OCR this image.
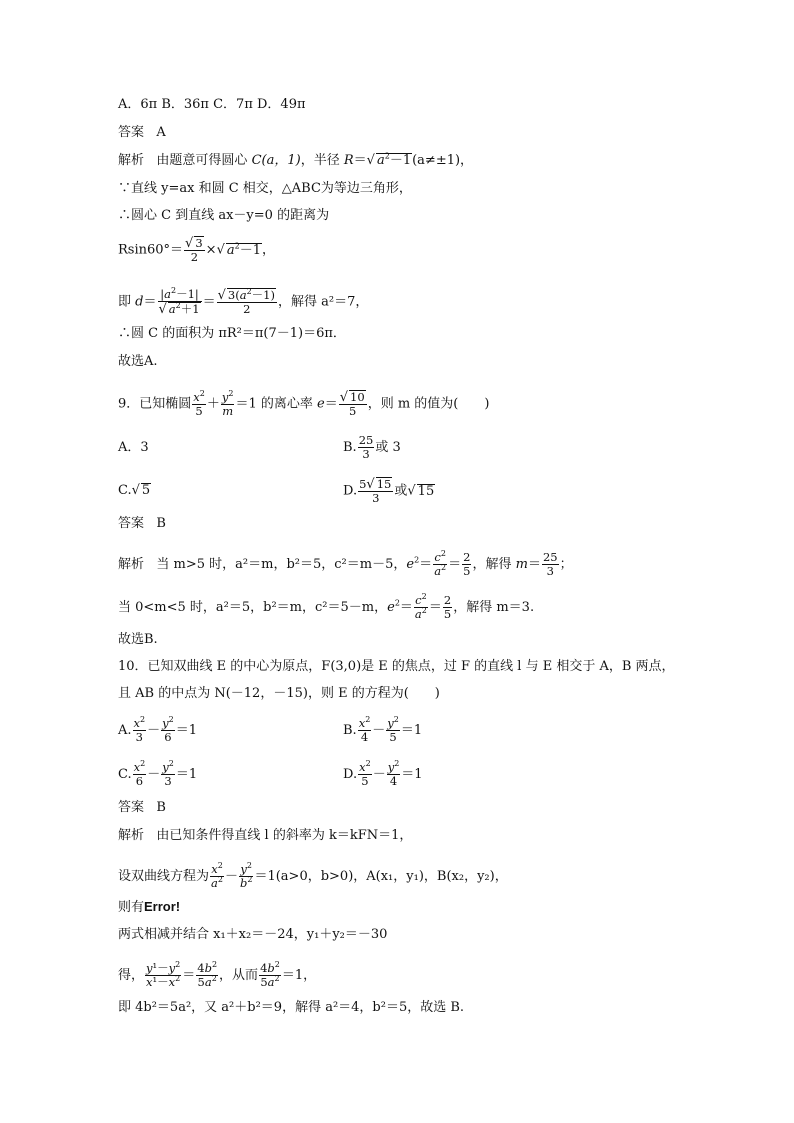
A．6π B．36π C．7π D．49π
答案 A
解析 由题意可得圆心 C(a，1)，半径 R＝√ $a^2-1(a\ne\pm 1)$，
∵直线 y=ax 和圆 C 相交，△ABC为等边三角形，
∴圆心 C 到直线 ax－y=0 的距离为
$Rsin60^\circ= \frac{√ 3}{2}$ ×√ $a^2-1$，
即 $d= \frac{|a^2-1|}{√ a^2+1} = \frac{√ 3(a^2-1)}{2}$ ，解得 a²＝7，
∴圆 C 的面积为 πR²＝π(7－1)＝6π．
故选A.
9．已知椭圆 $\frac{x^2}{5} + \frac{y^2}{m} =1$ 的离心率 $e= \frac{√ 10}{5}$ ，则 m 的值为(　　)
A．3	B. $\frac{25}{3}$ 或 3
C.√ 5	D. $\frac{5√ 15}{3}$ 或√ 15
答案 B
解析 当 m>5 时，a²＝m，b²＝5，c²＝m－5，$e^2= \frac{c^2}{a^2} = \frac{2}{5}$ ，解得 $m= \frac{25}{3}$ ；
当 0<m<5 时，a²＝5，b²＝m，c²＝5－m，$e^2= \frac{c^2}{a^2} = \frac{2}{5}$ ，解得 m＝3.
故选B.
10．已知双曲线 E 的中心为原点，F(3,0)是 E 的焦点，过 F 的直线 l 与 E 相交于 A，B 两点，
且 AB 的中点为 N(－12，－15)，则 E 的方程为(　　)
A. $\frac{x^2}{3} - \frac{y^2}{6} =1$	B. $\frac{x^2}{4} - \frac{y^2}{5} =1$
C. $\frac{x^2}{6} - \frac{y^2}{3} =1$	D. $\frac{x^2}{5} - \frac{y^2}{4} =1$
答案 B
解析 由已知条件得直线 l 的斜率为 k＝kFN＝1，
设双曲线方程为 $\frac{x^2}{a^2} - \frac{y^2}{b^2} =1(a>0$，b>0)，A(x₁，y₁)，B(x₂，y₂)，
则有Error!
两式相减并结合 x₁＋x₂＝－24，y₁＋y₂＝－30
得， $\frac{y^1-y^2}{x^1-x^2} = \frac{4b^2}{5a^2}$ ，从而 $\frac{4b^2}{5a^2} =1$，
即 4b²＝5a²，又 a²＋b²＝9，解得 a²＝4，b²＝5，故选 B.
